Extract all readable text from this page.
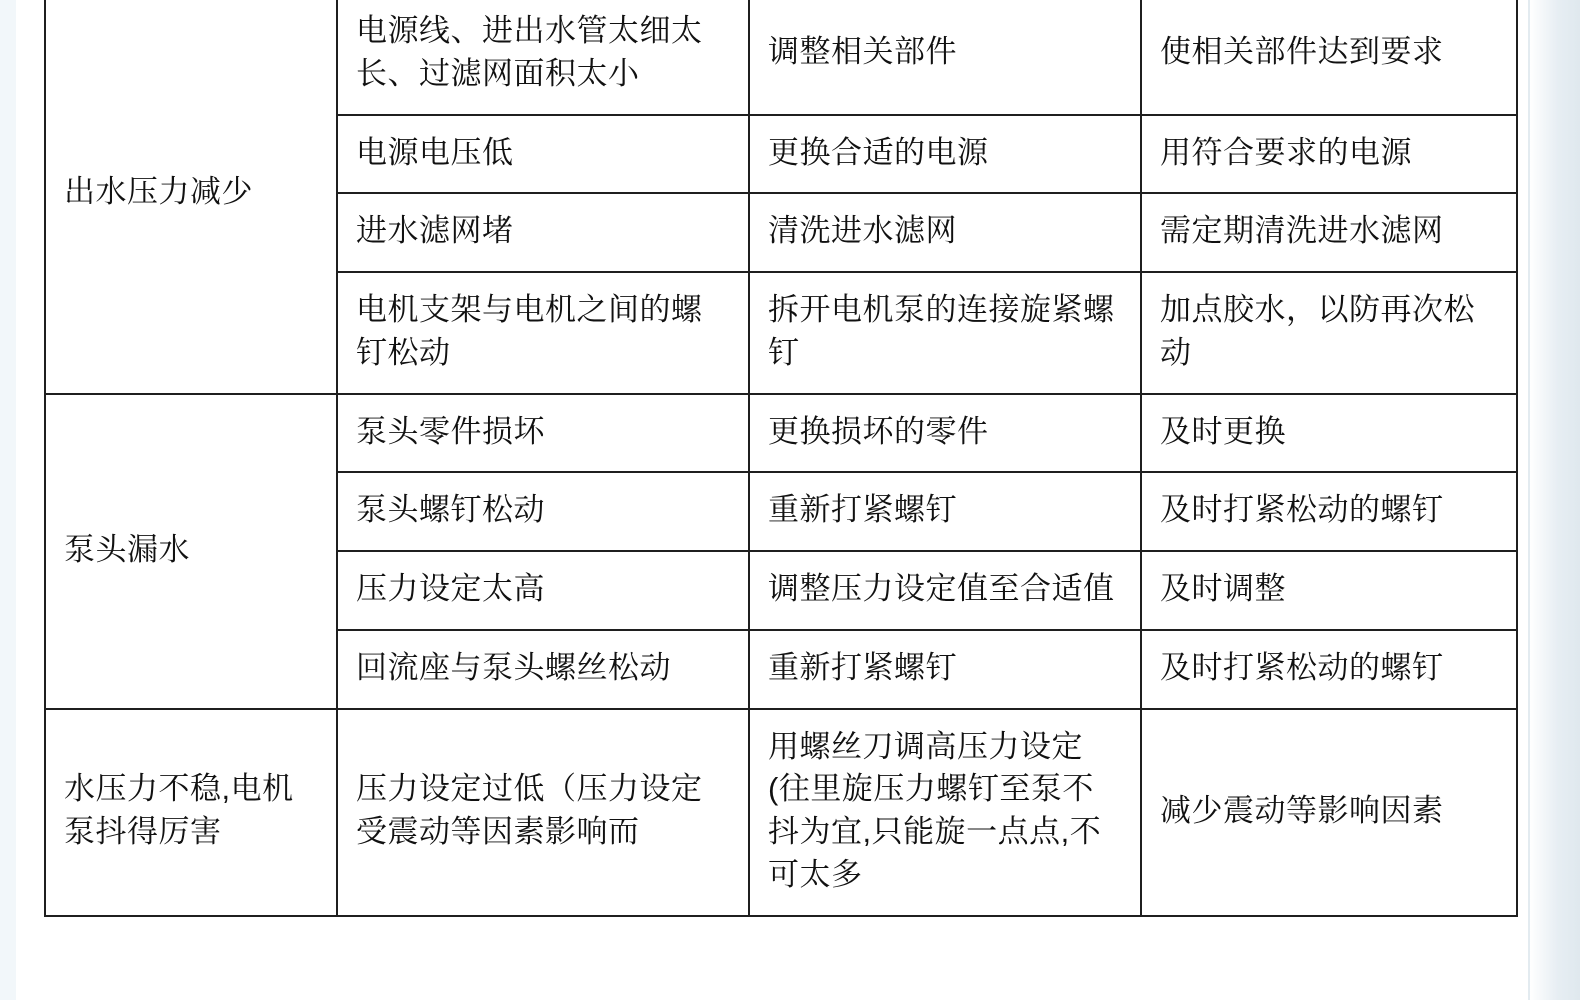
出水压力减少	电源线、进出水管太细太长、过滤网面积太小	调整相关部件	使相关部件达到要求

	电源电压低	更换合适的电源	用符合要求的电源

	进水滤网堵	清洗进水滤网	需定期清洗进水滤网

	电机支架与电机之间的螺钉松动	拆开电机泵的连接旋紧螺钉	加点胶水，以防再次松动

泵头漏水	泵头零件损坏	更换损坏的零件	及时更换

	泵头螺钉松动	重新打紧螺钉	及时打紧松动的螺钉

	压力设定太高	调整压力设定值至合适值	及时调整

	回流座与泵头螺丝松动	重新打紧螺钉	及时打紧松动的螺钉

水压力不稳,电机泵抖得厉害	压力设定过低（压力设定受震动等因素影响而	用螺丝刀调高压力设定(往里旋压力螺钉至泵不抖为宜,只能旋一点点,不可太多	减少震动等影响因素
